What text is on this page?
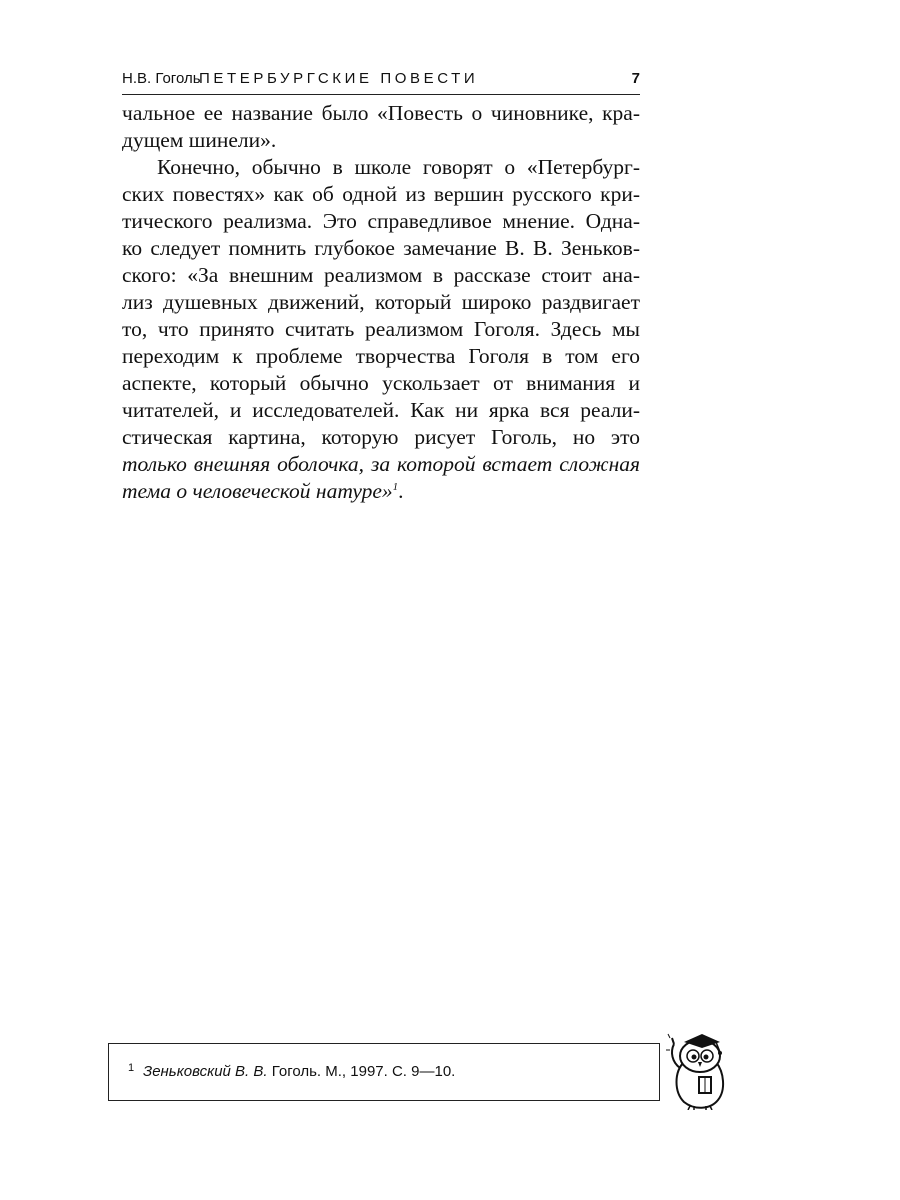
Н.В. Гоголь
ПЕТЕРБУРГСКИЕ ПОВЕСТИ	7
чальное ее название было «Повесть о чиновнике, кра-
дущем шинели».
Конечно, обычно в школе говорят о «Петербург-
ских повестях» как об одной из вершин русского кри-
тического реализма. Это справедливое мнение. Одна-
ко следует помнить глубокое замечание В. В. Зеньков-
ского: «За внешним реализмом в рассказе стоит ана-
лиз душевных движений, который широко раздвигает
то, что принято считать реализмом Гоголя. Здесь мы
переходим к проблеме творчества Гоголя в том его
аспекте, который обычно ускользает от внимания и
читателей, и исследователей. Как ни ярка вся реали-
стическая картина, которую рисует Гоголь, но это
только внешняя оболочка, за которой встает сложная
тема о человеческой натуре»$^1$.
1 Зеньковский В. В. Гоголь. М., 1997. С. 9—10.
